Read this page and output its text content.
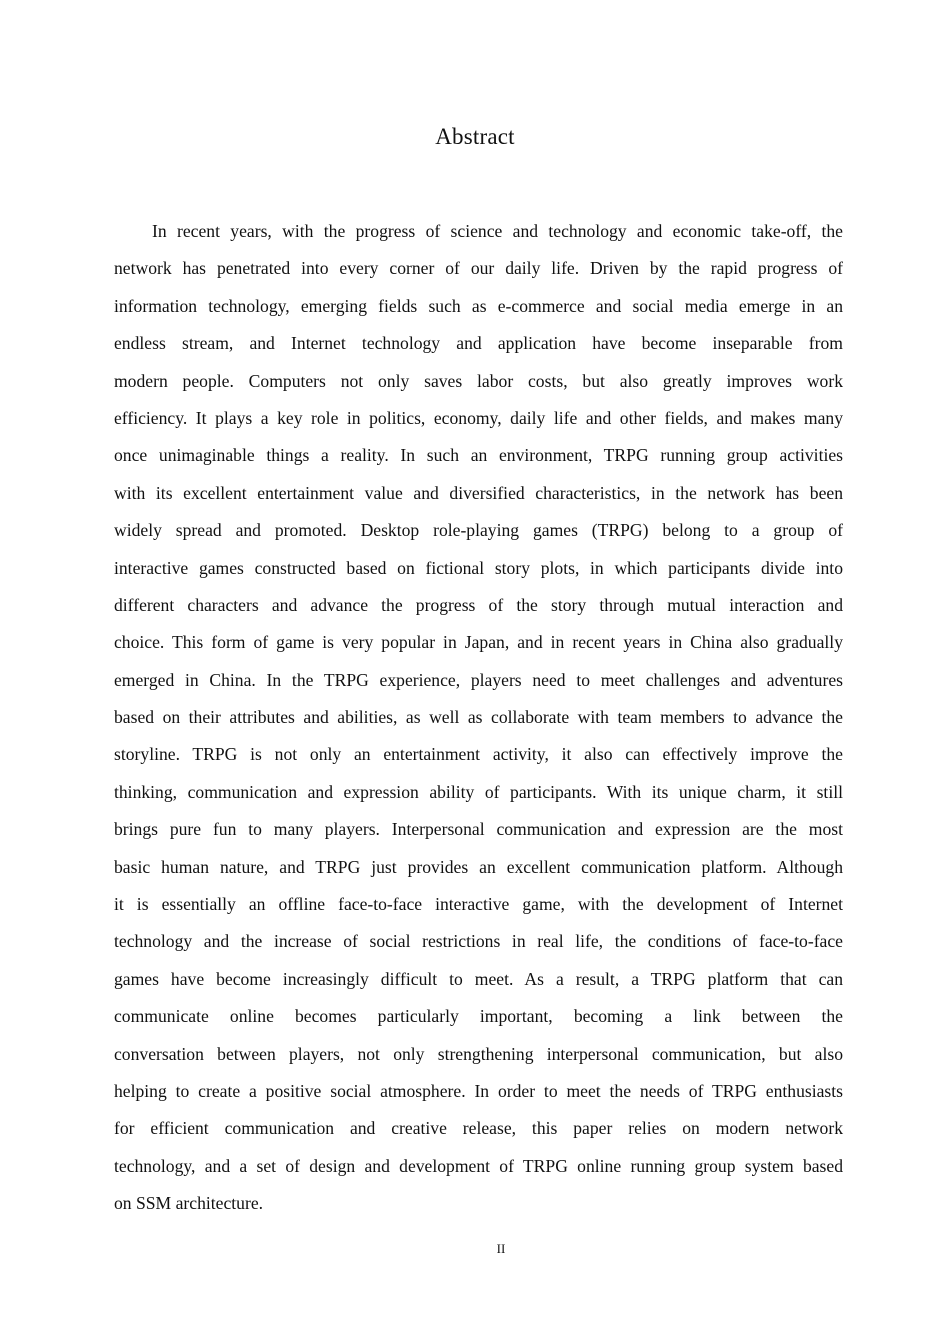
Abstract
In recent years, with the progress of science and technology and economic take-off, the
network has penetrated into every corner of our daily life. Driven by the rapid progress of
information technology, emerging fields such as e-commerce and social media emerge in an
endless stream, and Internet technology and application have become inseparable from
modern people. Computers not only saves labor costs, but also greatly improves work
efficiency. It plays a key role in politics, economy, daily life and other fields, and makes many
once unimaginable things a reality. In such an environment, TRPG running group activities
with its excellent entertainment value and diversified characteristics, in the network has been
widely spread and promoted. Desktop role-playing games (TRPG) belong to a group of
interactive games constructed based on fictional story plots, in which participants divide into
different characters and advance the progress of the story through mutual interaction and
choice. This form of game is very popular in Japan, and in recent years in China also gradually
emerged in China. In the TRPG experience, players need to meet challenges and adventures
based on their attributes and abilities, as well as collaborate with team members to advance the
storyline. TRPG is not only an entertainment activity, it also can effectively improve the
thinking, communication and expression ability of participants. With its unique charm, it still
brings pure fun to many players. Interpersonal communication and expression are the most
basic human nature, and TRPG just provides an excellent communication platform. Although
it is essentially an offline face-to-face interactive game, with the development of Internet
technology and the increase of social restrictions in real life, the conditions of face-to-face
games have become increasingly difficult to meet. As a result, a TRPG platform that can
communicate online becomes particularly important, becoming a link between the
conversation between players, not only strengthening interpersonal communication, but also
helping to create a positive social atmosphere. In order to meet the needs of TRPG enthusiasts
for efficient communication and creative release, this paper relies on modern network
technology, and a set of design and development of TRPG online running group system based
on SSM architecture.
II
